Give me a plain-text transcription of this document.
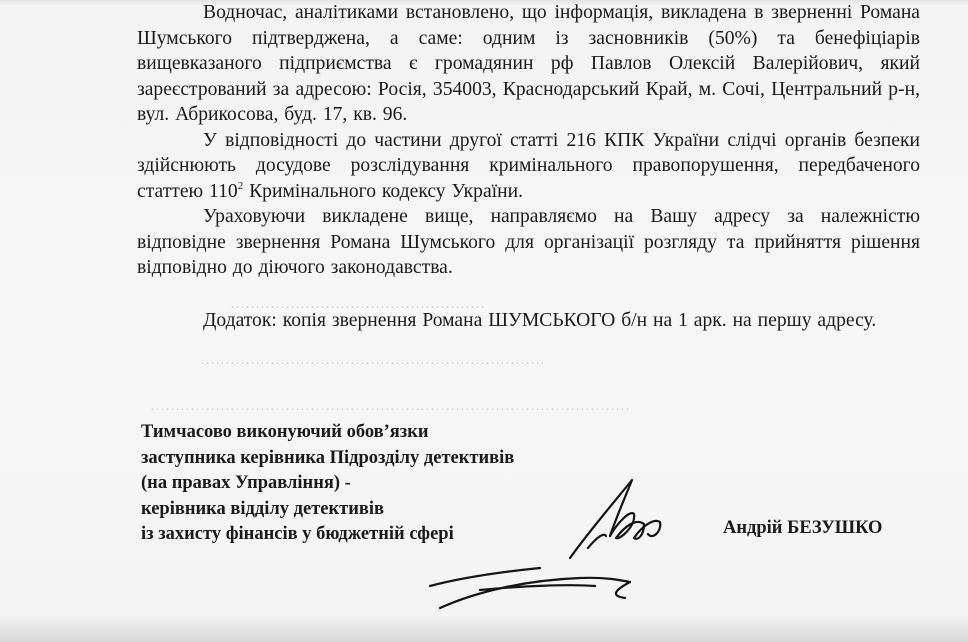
……………………………………………
……………………………………………………………
……………………………………………………………………………………

Водночас, аналітиками встановлено, що інформація, викладена в зверненні Романа Шумського підтверджена, а саме: одним із засновників (50%) та бенефіціарів вищевказаного підприємства є громадянин рф Павлов Олексій Валерійович, який зареєстрований за адресою: Росія, 354003, Краснодарський Край, м. Сочі, Центральний р-н, вул. Абрикосова, буд. 17, кв. 96.

У відповідності до частини другої статті 216 КПК України слідчі органів безпеки здійснюють досудове розслідування кримінального правопорушення, передбаченого статтею $110^2$ Кримінального кодексу України.

Ураховуючи викладене вище, направляємо на Вашу адресу за належністю відповідне звернення Романа Шумського для організації розгляду та прийняття рішення відповідно до діючого законодавства.

Додаток: копія звернення Романа ШУМСЬКОГО б/н на 1 арк. на першу адресу.

Тимчасово виконуючий обов’язки
заступника керівника Підрозділу детективів
(на правах Управління) -
керівника відділу детективів
із захисту фінансів у бюджетній сфері	Андрій БЕЗУШКО
